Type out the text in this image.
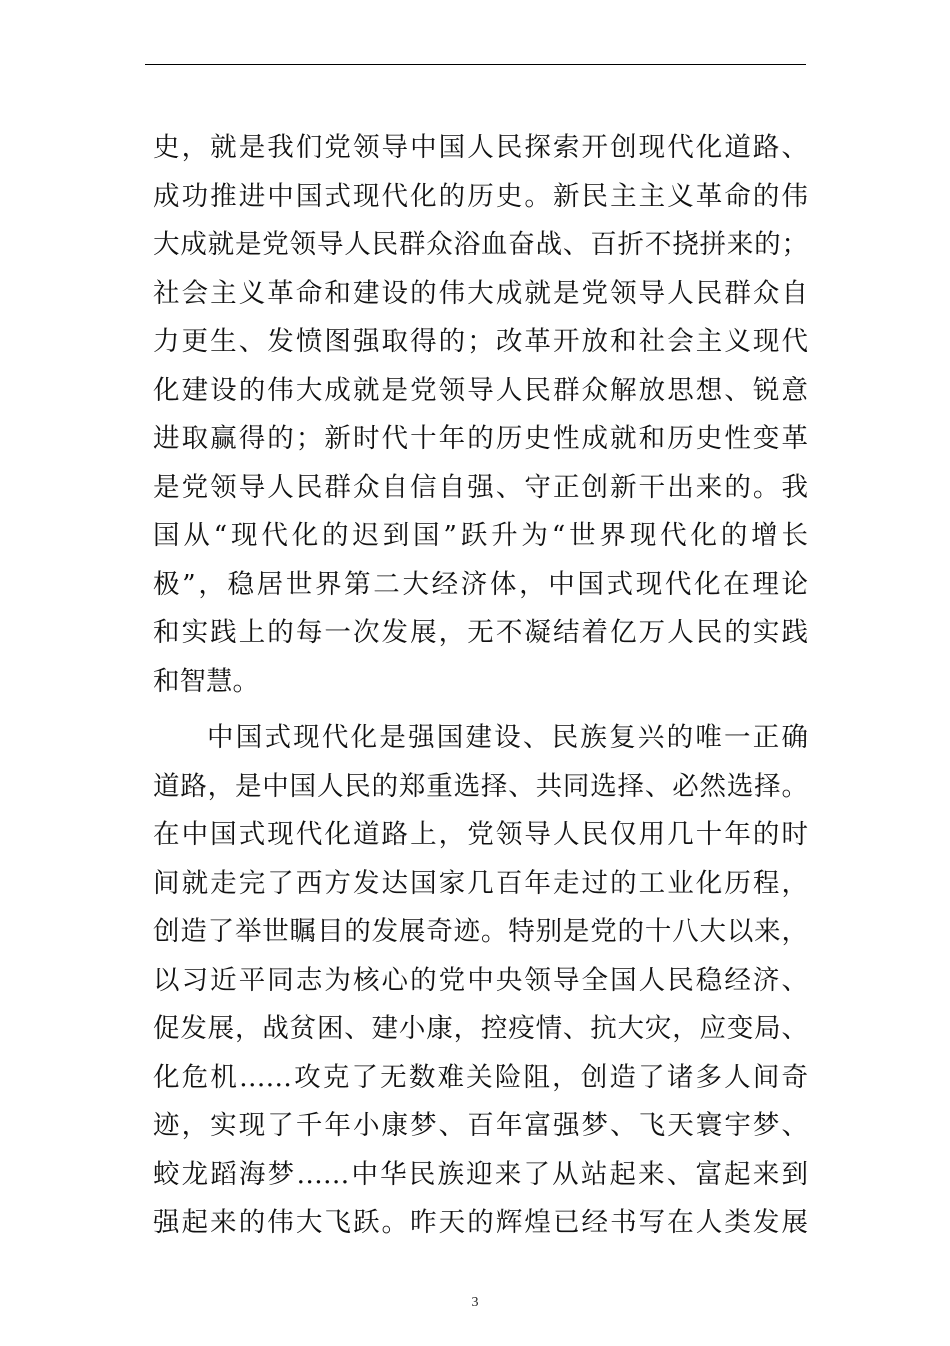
史，就是我们党领导中国人民探索开创现代化道路、
成功推进中国式现代化的历史。新民主主义革命的伟
大成就是党领导人民群众浴血奋战、百折不挠拼来的；
社会主义革命和建设的伟大成就是党领导人民群众自
力更生、发愤图强取得的；改革开放和社会主义现代
化建设的伟大成就是党领导人民群众解放思想、锐意
进取赢得的；新时代十年的历史性成就和历史性变革
是党领导人民群众自信自强、守正创新干出来的。我
国从“现代化的迟到国”跃升为“世界现代化的增长
极”，稳居世界第二大经济体，中国式现代化在理论
和实践上的每一次发展，无不凝结着亿万人民的实践
和智慧。
中国式现代化是强国建设、民族复兴的唯一正确
道路，是中国人民的郑重选择、共同选择、必然选择。
在中国式现代化道路上，党领导人民仅用几十年的时
间就走完了西方发达国家几百年走过的工业化历程，
创造了举世瞩目的发展奇迹。特别是党的十八大以来，
以习近平同志为核心的党中央领导全国人民稳经济、
促发展，战贫困、建小康，控疫情、抗大灾，应变局、
化危机……攻克了无数难关险阻，创造了诸多人间奇
迹，实现了千年小康梦、百年富强梦、飞天寰宇梦、
蛟龙蹈海梦……中华民族迎来了从站起来、富起来到
强起来的伟大飞跃。昨天的辉煌已经书写在人类发展
3
